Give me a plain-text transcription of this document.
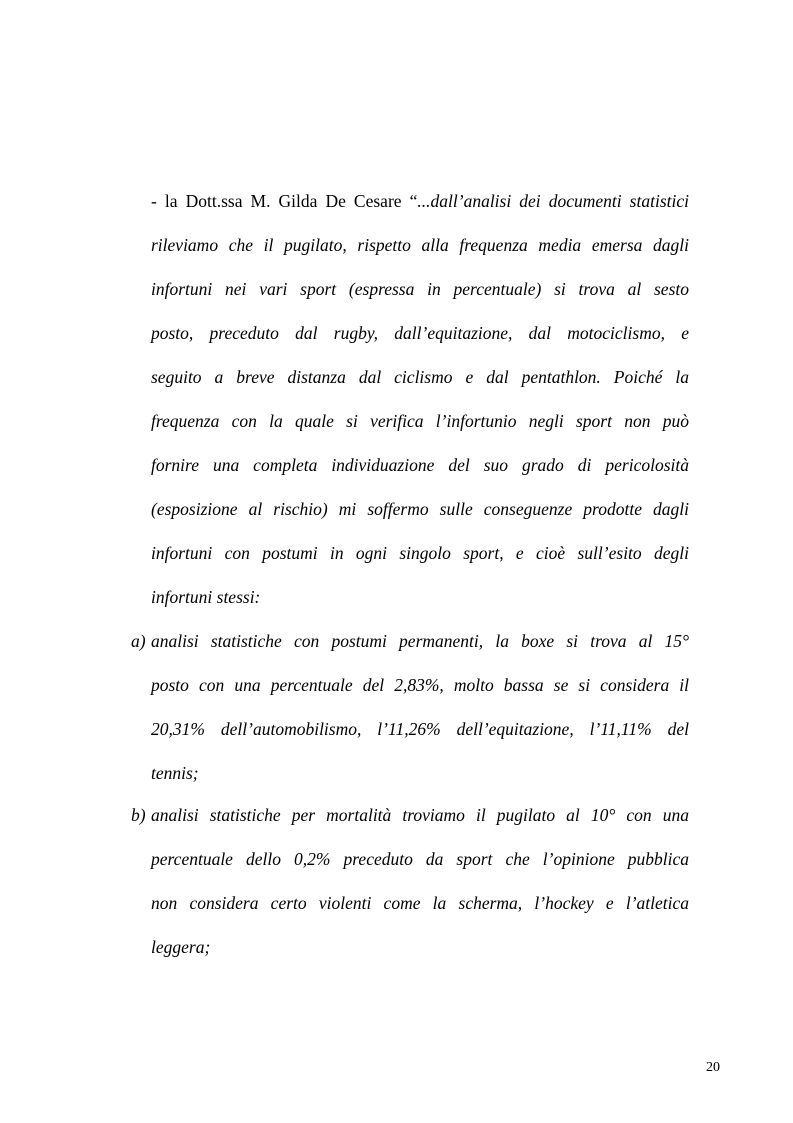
- la Dott.ssa M. Gilda De Cesare “...dall’analisi dei documenti statistici
rileviamo che il pugilato, rispetto alla frequenza media emersa dagli
infortuni nei vari sport (espressa in percentuale) si trova al sesto
posto, preceduto dal rugby, dall’equitazione, dal motociclismo, e
seguito a breve distanza dal ciclismo e dal pentathlon. Poiché la
frequenza con la quale si verifica l’infortunio negli sport non può
fornire una completa individuazione del suo grado di pericolosità
(esposizione al rischio) mi soffermo sulle conseguenze prodotte dagli
infortuni con postumi in ogni singolo sport, e cioè sull’esito degli
infortuni stessi:
a) analisi statistiche con postumi permanenti, la boxe si trova al 15°
posto con una percentuale del 2,83%, molto bassa se si considera il
20,31% dell’automobilismo, l’11,26% dell’equitazione, l’11,11% del
tennis;
b) analisi statistiche per mortalità troviamo il pugilato al 10° con una
percentuale dello 0,2% preceduto da sport che l’opinione pubblica
non considera certo violenti come la scherma, l’hockey e l’atletica
leggera;
20
